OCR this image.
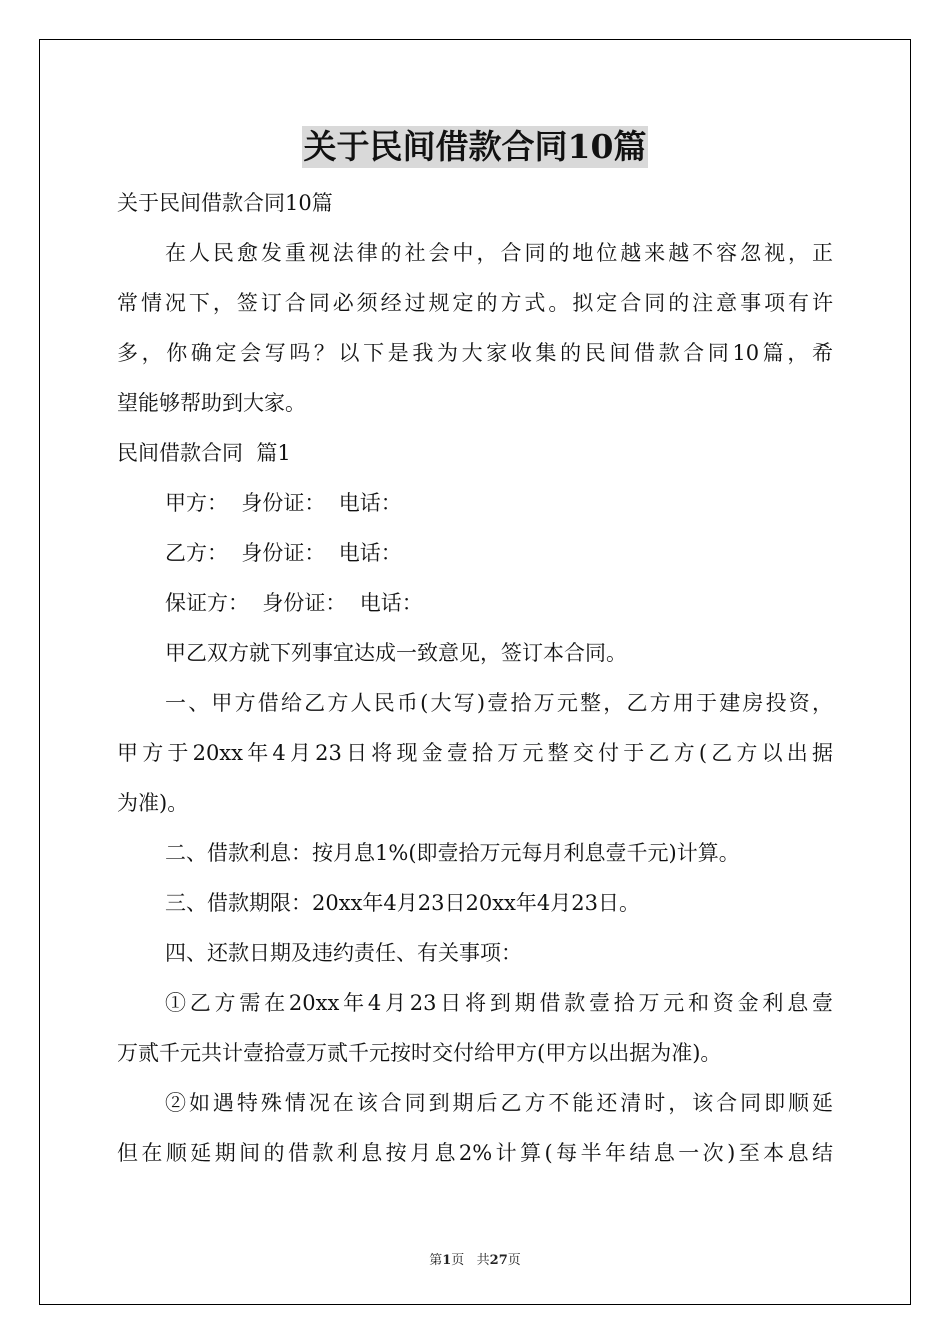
关于民间借款合同10篇
关于民间借款合同10篇
在人民愈发重视法律的社会中，合同的地位越来越不容忽视，正
常情况下，签订合同必须经过规定的方式。拟定合同的注意事项有许
多，你确定会写吗？以下是我为大家收集的民间借款合同10篇，希
望能够帮助到大家。
民间借款合同  篇1
甲方：  身份证：  电话：
乙方：  身份证：  电话：
保证方：  身份证：  电话：
甲乙双方就下列事宜达成一致意见，签订本合同。
一、甲方借给乙方人民币(大写)壹拾万元整，乙方用于建房投资，
甲方于20xx年4月23日将现金壹拾万元整交付于乙方(乙方以出据
为准)。
二、借款利息：按月息1%(即壹拾万元每月利息壹千元)计算。
三、借款期限：20xx年4月23日20xx年4月23日。
四、还款日期及违约责任、有关事项：
①乙方需在20xx年4月23日将到期借款壹拾万元和资金利息壹
万贰千元共计壹拾壹万贰千元按时交付给甲方(甲方以出据为准)。
②如遇特殊情况在该合同到期后乙方不能还清时，该合同即顺延
但在顺延期间的借款利息按月息2%计算(每半年结息一次)至本息结
第1页   共27页
